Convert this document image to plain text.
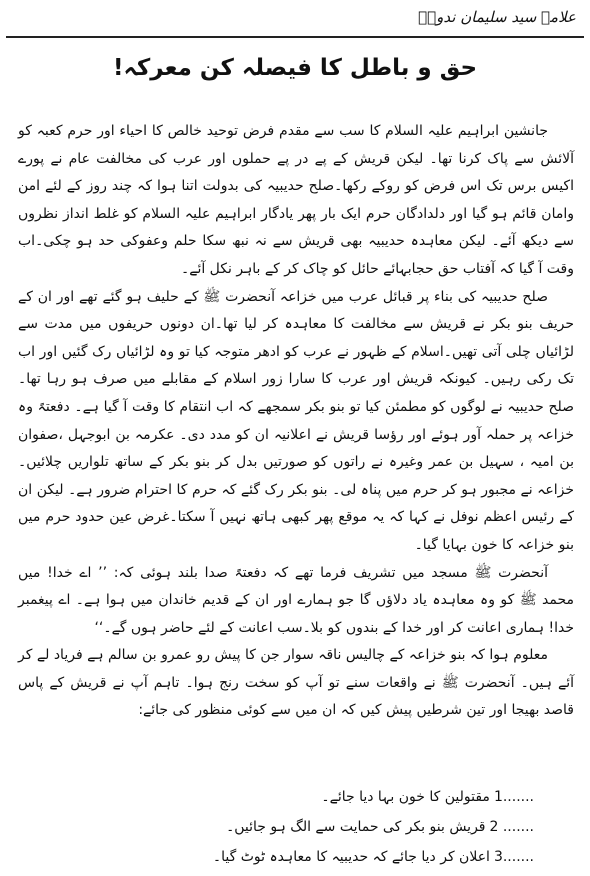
علامہ سید سلیمان ندویؒ
حق و باطل کا فیصلہ کن معرکہ!

جانشین ابراہیم علیہ السلام کا سب سے مقدم فرض توحید خالص کا احیاء اور حرم کعبہ کو آلائش سے پاک کرنا تھا۔ لیکن قریش کے پے در پے حملوں اور عرب کی مخالفت عام نے پورے اکیس برس تک اس فرض کو روکے رکھا۔صلح حدیبیہ کی بدولت اتنا ہوا کہ چند روز کے لئے امن وامان قائم ہو گیا اور دلدادگان حرم ایک بار پھر یادگار ابراہیم علیہ السلام کو غلط انداز نظروں سے دیکھ آئے۔ لیکن معاہدہ حدیبیہ بھی قریش سے نہ نبھ سکا حلم وعفوکی حد ہو چکی۔اب وقت آ گیا کہ آفتاب حق حجابہائے حائل کو چاک کر کے باہر نکل آئے۔

صلح حدیبیہ کی بناء پر قبائل عرب میں خزاعہ آنحضرت ﷺ کے حلیف ہو گئے تھے اور ان کے حریف بنو بکر نے قریش سے مخالفت کا معاہدہ کر لیا تھا۔ان دونوں حریفوں میں مدت سے لڑائیاں چلی آتی تھیں۔اسلام کے ظہور نے عرب کو ادھر متوجہ کیا تو وہ لڑائیاں رک گئیں اور اب تک رکی رہیں۔ کیونکہ قریش اور عرب کا سارا زور اسلام کے مقابلے میں صرف ہو رہا تھا۔صلح حدیبیہ نے لوگوں کو مطمئن کیا تو بنو بکر سمجھے کہ اب انتقام کا وقت آ گیا ہے۔ دفعتہً وہ خزاعہ پر حملہ آور ہوئے اور رؤسا قریش نے اعلانیہ ان کو مدد دی۔ عکرمہ بن ابوجہل ،صفوان بن امیہ ، سہیل بن عمر وغیرہ نے راتوں کو صورتیں بدل کر بنو بکر کے ساتھ تلواریں چلائیں۔خزاعہ نے مجبور ہو کر حرم میں پناہ لی۔ بنو بکر رک گئے کہ حرم کا احترام ضرور ہے۔ لیکن ان کے رئیس اعظم نوفل نے کہا کہ یہ موقع پھر کبھی ہاتھ نہیں آ سکتا۔غرض عین حدود حرم میں بنو خزاعہ کا خون بہایا گیا۔

آنحضرت ﷺ مسجد میں تشریف فرما تھے کہ دفعتہً صدا بلند ہوئی کہ: ’’ اے خدا! میں محمد ﷺ کو وہ معاہدہ یاد دلاؤں گا جو ہمارے اور ان کے قدیم خاندان میں ہوا ہے۔ اے پیغمبر خدا! ہماری اعانت کر اور خدا کے بندوں کو بلا۔سب اعانت کے لئے حاضر ہوں گے۔‘‘

معلوم ہوا کہ بنو خزاعہ کے چالیس ناقہ سوار جن کا پیش رو عمرو بن سالم ہے فریاد لے کر آئے ہیں۔ آنحضرت ﷺ نے واقعات سنے تو آپ کو سخت رنج ہوا۔ تاہم آپ نے قریش کے پاس قاصد بھیجا اور تین شرطیں پیش کیں کہ ان میں سے کوئی منظور کی جائے:

1.......
مقتولین کا خون بہا دیا جائے۔
2 .......
قریش بنو بکر کی حمایت سے الگ ہو جائیں۔
3.......
اعلان کر دیا جائے کہ حدیبیہ کا معاہدہ ٹوٹ گیا۔
